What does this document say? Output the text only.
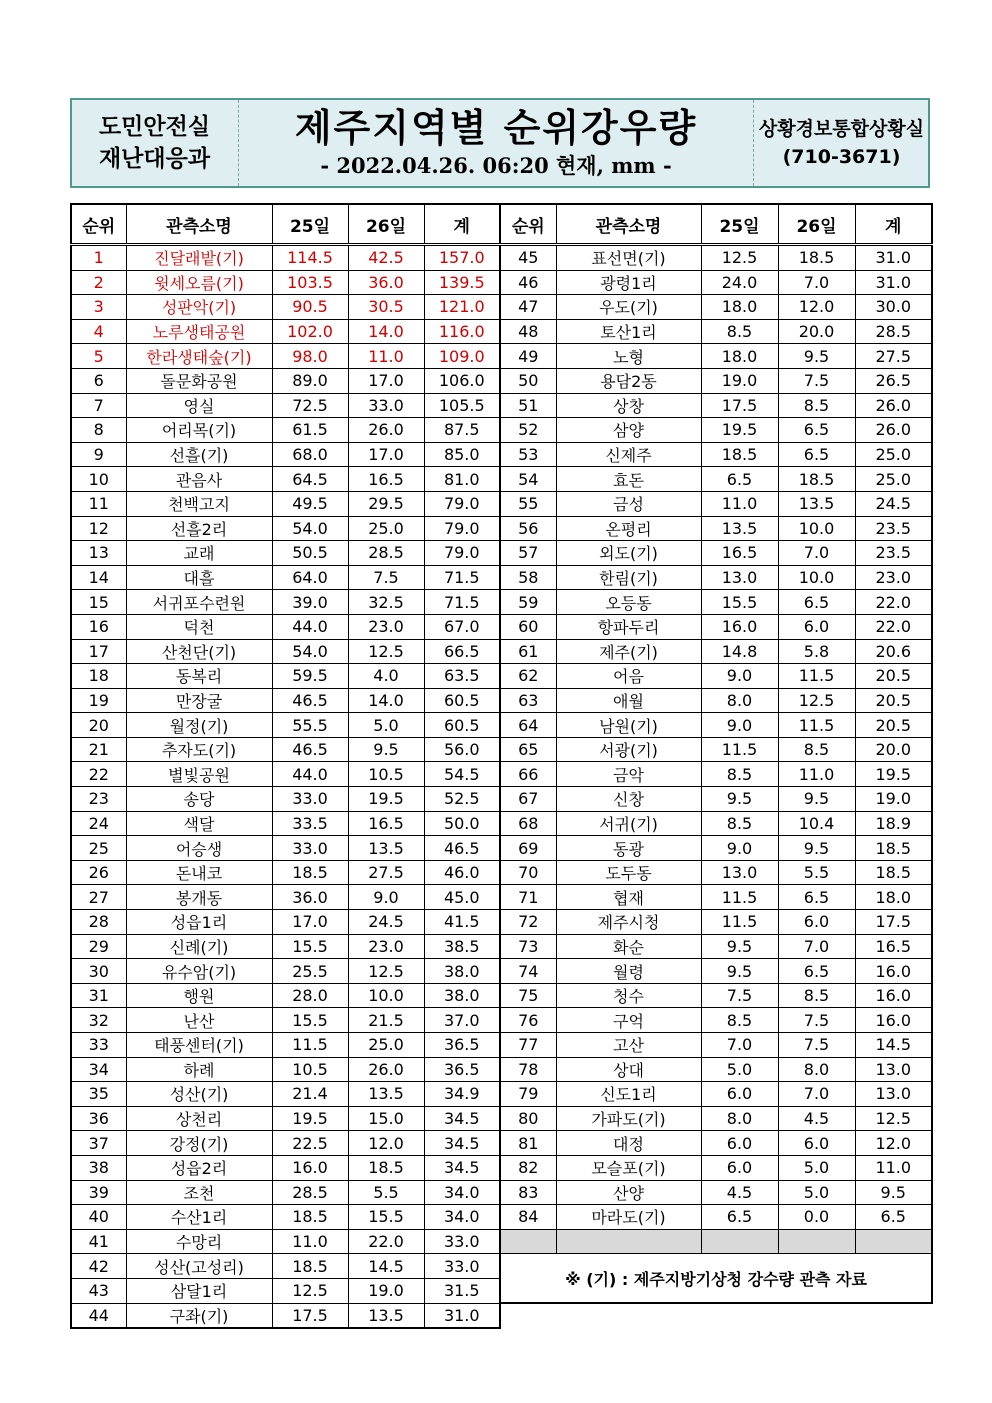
도민안전실
재난대응과
제주지역별 순위강우량
- 2022.04.26. 06:20 현재, mm -
상황경보통합상황실
(710-3671)
순위	관측소명	25일	26일	계
1	진달래밭(기)	114.5	42.5	157.0
2	윗세오름(기)	103.5	36.0	139.5
3	성판악(기)	90.5	30.5	121.0
4	노루생태공원	102.0	14.0	116.0
5	한라생태숲(기)	98.0	11.0	109.0
6	돌문화공원	89.0	17.0	106.0
7	영실	72.5	33.0	105.5
8	어리목(기)	61.5	26.0	87.5
9	선흘(기)	68.0	17.0	85.0
10	관음사	64.5	16.5	81.0
11	천백고지	49.5	29.5	79.0
12	선흘2리	54.0	25.0	79.0
13	교래	50.5	28.5	79.0
14	대흘	64.0	7.5	71.5
15	서귀포수련원	39.0	32.5	71.5
16	덕천	44.0	23.0	67.0
17	산천단(기)	54.0	12.5	66.5
18	동복리	59.5	4.0	63.5
19	만장굴	46.5	14.0	60.5
20	월정(기)	55.5	5.0	60.5
21	추자도(기)	46.5	9.5	56.0
22	별빛공원	44.0	10.5	54.5
23	송당	33.0	19.5	52.5
24	색달	33.5	16.5	50.0
25	어승생	33.0	13.5	46.5
26	돈내코	18.5	27.5	46.0
27	봉개동	36.0	9.0	45.0
28	성읍1리	17.0	24.5	41.5
29	신례(기)	15.5	23.0	38.5
30	유수암(기)	25.5	12.5	38.0
31	행원	28.0	10.0	38.0
32	난산	15.5	21.5	37.0
33	태풍센터(기)	11.5	25.0	36.5
34	하례	10.5	26.0	36.5
35	성산(기)	21.4	13.5	34.9
36	상천리	19.5	15.0	34.5
37	강정(기)	22.5	12.0	34.5
38	성읍2리	16.0	18.5	34.5
39	조천	28.5	5.5	34.0
40	수산1리	18.5	15.5	34.0
41	수망리	11.0	22.0	33.0
42	성산(고성리)	18.5	14.5	33.0
43	삼달1리	12.5	19.0	31.5
44	구좌(기)	17.5	13.5	31.0
순위	관측소명	25일	26일	계
45	표선면(기)	12.5	18.5	31.0
46	광령1리	24.0	7.0	31.0
47	우도(기)	18.0	12.0	30.0
48	토산1리	8.5	20.0	28.5
49	노형	18.0	9.5	27.5
50	용담2동	19.0	7.5	26.5
51	상창	17.5	8.5	26.0
52	삼양	19.5	6.5	26.0
53	신제주	18.5	6.5	25.0
54	효돈	6.5	18.5	25.0
55	금성	11.0	13.5	24.5
56	온평리	13.5	10.0	23.5
57	외도(기)	16.5	7.0	23.5
58	한림(기)	13.0	10.0	23.0
59	오등동	15.5	6.5	22.0
60	항파두리	16.0	6.0	22.0
61	제주(기)	14.8	5.8	20.6
62	어음	9.0	11.5	20.5
63	애월	8.0	12.5	20.5
64	남원(기)	9.0	11.5	20.5
65	서광(기)	11.5	8.5	20.0
66	금악	8.5	11.0	19.5
67	신창	9.5	9.5	19.0
68	서귀(기)	8.5	10.4	18.9
69	동광	9.0	9.5	18.5
70	도두동	13.0	5.5	18.5
71	협재	11.5	6.5	18.0
72	제주시청	11.5	6.0	17.5
73	화순	9.5	7.0	16.5
74	월령	9.5	6.5	16.0
75	청수	7.5	8.5	16.0
76	구억	8.5	7.5	16.0
77	고산	7.0	7.5	14.5
78	상대	5.0	8.0	13.0
79	신도1리	6.0	7.0	13.0
80	가파도(기)	8.0	4.5	12.5
81	대정	6.0	6.0	12.0
82	모슬포(기)	6.0	5.0	11.0
83	산양	4.5	5.0	9.5
84	마라도(기)	6.5	0.0	6.5

※ (기) : 제주지방기상청 강수량 관측 자료				
